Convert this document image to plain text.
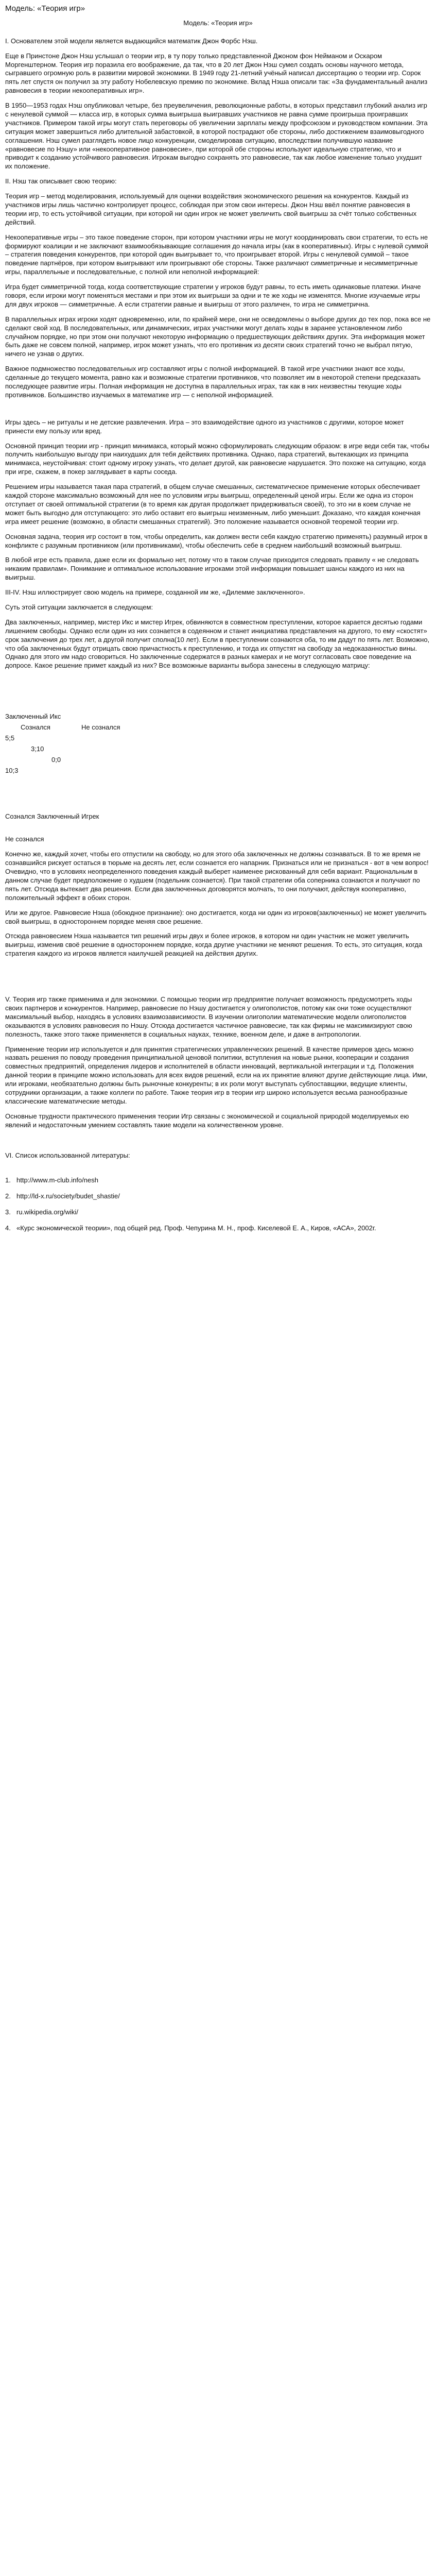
Модель: «Теория игр»
Модель: «Теория игр»

I. Основателем этой модели является выдающийся математик Джон Форбс Нэш.

Еще в Принстоне Джон Нэш услышал о теории игр, в ту пору только представленной Джоном фон Нейманом и Оскаром Моргенштерном. Теория игр поразила его воображение, да так, что в 20 лет Джон Нэш сумел создать основы научного метода, сыгравшего огромную роль в развитии мировой экономики. В 1949 году 21-летний учёный написал диссертацию о теории игр. Сорок пять лет спустя он получил за эту работу Нобелевскую премию по экономике. Вклад Нэша описали так: «За фундаментальный анализ равновесия в теории некооперативных игр».

В 1950—1953 годах Нэш опубликовал четыре, без преувеличения, революционные работы, в которых представил глубокий анализ игр с ненулевой суммой — класса игр, в которых сумма выигрыша выигравших участников не равна сумме проигрыша проигравших участников. Примером такой игры могут стать переговоры об увеличении зарплаты между профсоюзом и руководством компании. Эта ситуация может завершиться либо длительной забастовкой, в которой пострадают обе стороны, либо достижением взаимовыгодного соглашения. Нэш сумел разглядеть новое лицо конкуренции, смоделировав ситуацию, впоследствии получившую название «равновесие по Нэшу» или «некооперативное равновесие», при которой обе стороны используют идеальную стратегию, что и приводит к созданию устойчивого равновесия. Игрокам выгодно сохранять это равновесие, так как любое изменение только ухудшит их положение.

II. Нэш так описывает свою теорию:

Теория игр – метод моделирования, используемый для оценки воздействия экономического решения на конкурентов. Каждый из участников игры лишь частично контролирует процесс, соблюдая при этом свои интересы. Джон Нэш ввёл понятие равновесия в теории игр, то есть устойчивой ситуации, при которой ни один игрок не может увеличить свой выигрыш за счёт только собственных действий.

Некооперативные игры – это такое поведение сторон, при котором участники игры не могут координировать свои стратегии, то есть не формируют коалиции и не заключают взаимообязывающие соглашения до начала игры (как в кооперативных). Игры с нулевой суммой – стратегия поведения конкурентов, при которой один выигрывает то, что проигрывает второй. Игры с ненулевой суммой – такое поведение партнёров, при котором выигрывают или проигрывают обе стороны. Также различают симметричные и несимметричные игры, параллельные и последовательные, с полной или неполной информацией:

Игра будет симметричной тогда, когда соответствующие стратегии у игроков будут равны, то есть иметь одинаковые платежи. Иначе говоря, если игроки могут поменяться местами и при этом их выигрыши за одни и те же ходы не изменятся. Многие изучаемые игры для двух игроков — симметричные. А если стратегии равные и выигрыш от этого различен, то игра не симметрична.

В параллельных играх игроки ходят одновременно, или, по крайней мере, они не осведомлены о выборе других до тех пор, пока все не сделают свой ход. В последовательных, или динамических, играх участники могут делать ходы в заранее установленном либо случайном порядке, но при этом они получают некоторую информацию о предшествующих действиях других. Эта информация может быть даже не совсем полной, например, игрок может узнать, что его противник из десяти своих стратегий точно не выбрал пятую, ничего не узнав о других.

Важное подмножество последовательных игр составляют игры с полной информацией. В такой игре участники знают все ходы, сделанные до текущего момента, равно как и возможные стратегии противников, что позволяет им в некоторой степени предсказать последующее развитие игры. Полная информация не доступна в параллельных играх, так как в них неизвестны текущие ходы противников. Большинство изучаемых в математике игр — с неполной информацией.

Игры здесь – не ритуалы и не детские развлечения. Игра – это взаимодействие одного из участников с другими, которое может принести ему пользу или вред.

Основной принцип теории игр - принцип минимакса, который можно сформулировать следующим образом: в игре веди себя так, чтобы получить наибольшую выгоду при наихудших для тебя действиях противника. Однако, пара стратегий, вытекающих из принципа минимакса, неустойчивая: стоит одному игроку узнать, что делает другой, как равновесие нарушается. Это похоже на ситуацию, когда при игре, скажем, в покер заглядывает в карты соседа.

Решением игры называется такая пара стратегий, в общем случае смешанных, систематическое применение которых обеспечивает каждой стороне максимально возможный для нее по условиям игры выигрыш, определенный ценой игры. Если же одна из сторон отступает от своей оптимальной стратегии (в то время как другая продолжает придерживаться своей), то это ни в коем случае не может быть выгодно для отступающего: это либо оставит его выигрыш неизменным, либо уменьшит. Доказано, что каждая конечная игра имеет решение (возможно, в области смешанных стратегий). Это положение называется основной теоремой теории игр.

Основная задача, теория игр состоит в том, чтобы определить, как должен вести себя каждую стратегию применять) разумный игрок в конфликте с разумным противником (или противниками), чтобы обеспечить себе в среднем наибольший возможный выигрыш.

В любой игре есть правила, даже если их формально нет, потому что в таком случае приходится следовать правилу « не следовать никаким правилам». Понимание и оптимальное использование игроками этой информации повышает шансы каждого из них на выигрыш.

III-IV. Нэш иллюстрирует свою модель на примере, созданной им же, «Дилемме заключенного».

Суть этой ситуации заключается в следующем:

Два заключенных, например, мистер Икс и мистер Игрек, обвиняются в совместном преступлении, которое карается десятью годами лишением свободы. Однако если один из них сознается в содеянном и станет инициатива представления на другого, то ему «скостят» срок заключения до трех лет, а другой получит сполна(10 лет). Если в преступлении сознаются оба, то им дадут по пять лет. Возможно, что оба заключенных будут отрицать свою причастность к преступлению, и тогда их отпустят на свободу за недоказанностью вины. Однако для этого им надо сговориться. Но заключенные содержатся в разных камерах и не могут согласовать свое поведение на допросе. Какое решение примет каждый из них? Все возможные варианты выбора занесены в следующую матрицу:

Заключенный Икс

Сознался	Не сознался

5;5

3;10

0;0

10;3

Сознался Заключенный Игрек

Не сознался

Конечно же, каждый хочет, чтобы его отпустили на свободу, но для этого оба заключенных не должны сознаваться. В то же время не сознавшийся рискует остаться в тюрьме на десять лет, если сознается его напарник. Признаться или не признаться - вот в чем вопрос! Очевидно, что в условиях неопределенного поведения каждый выберет наименее рискованный для себя вариант. Рациональным в данном случае будет предположение о худшем (подельник сознается). При такой стратегии оба соперника сознаются и получают по пять лет. Отсюда вытекает два решения. Если два заключенных договорятся молчать, то они получают, действуя кооперативно, положительный эффект в обоих сторон.

Или же другое. Равновесие Нэша (обоюдное признание): оно достигается, когда ни один из игроков(заключенных) не может увеличить свой выигрыш, в одностороннем порядке меняя свое решение.

Отсюда равновесием Нэша называется тип решений игры двух и более игроков, в котором ни один участник не может увеличить выигрыш, изменив своё решение в одностороннем порядке, когда другие участники не меняют решения. То есть, это ситуация, когда стратегия каждого из игроков является наилучшей реакцией на действия других.

V. Теория игр также применима и для экономики. С помощью теории игр предприятие получает возможность предусмотреть ходы своих партнеров и конкурентов. Например, равновесие по Нэшу достигается у олигополистов, потому как они тоже осуществляют максимальный выбор, находясь в условиях взаимозависимости. В изучении олигополии математические модели олигополистов оказываются в условиях равновесия по Нэшу. Отсюда достигается частичное равновесие, так как фирмы не максимизируют свою полезность, также этого также применяется в социальных науках, технике, военном деле, и даже в антропологии.

Применение теории игр используется и для принятия стратегических управленческих решений. В качестве примеров здесь можно назвать решения по поводу проведения принципиальной ценовой политики, вступления на новые рынки, кооперации и создания совместных предприятий, определения лидеров и исполнителей в области инноваций, вертикальной интеграции и т.д. Положения данной теории в принципе можно использовать для всех видов решений, если на их принятие влияют другие действующие лица. Ими, или игроками, необязательно должны быть рыночные конкуренты; в их роли могут выступать субпоставщики, ведущие клиенты, сотрудники организации, а также коллеги по работе. Также теория игр в теории игр широко используется весьма разнообразные классические математические методы.

Основные трудности практического применения теории Игр связаны с экономической и социальной природой моделируемых ею явлений и недостаточным умением составлять такие модели на количественном уровне.

VI. Список использованной литературы:

1. http://www.m-club.info/nesh
2. http://ld-x.ru/society/budet_shastie/
3. ru.wikipedia.org/wiki/
4. «Курс экономической теории», под общей ред. Проф. Чепурина М. Н., проф. Киселевой Е. А., Киров, «АСА», 2002г.
